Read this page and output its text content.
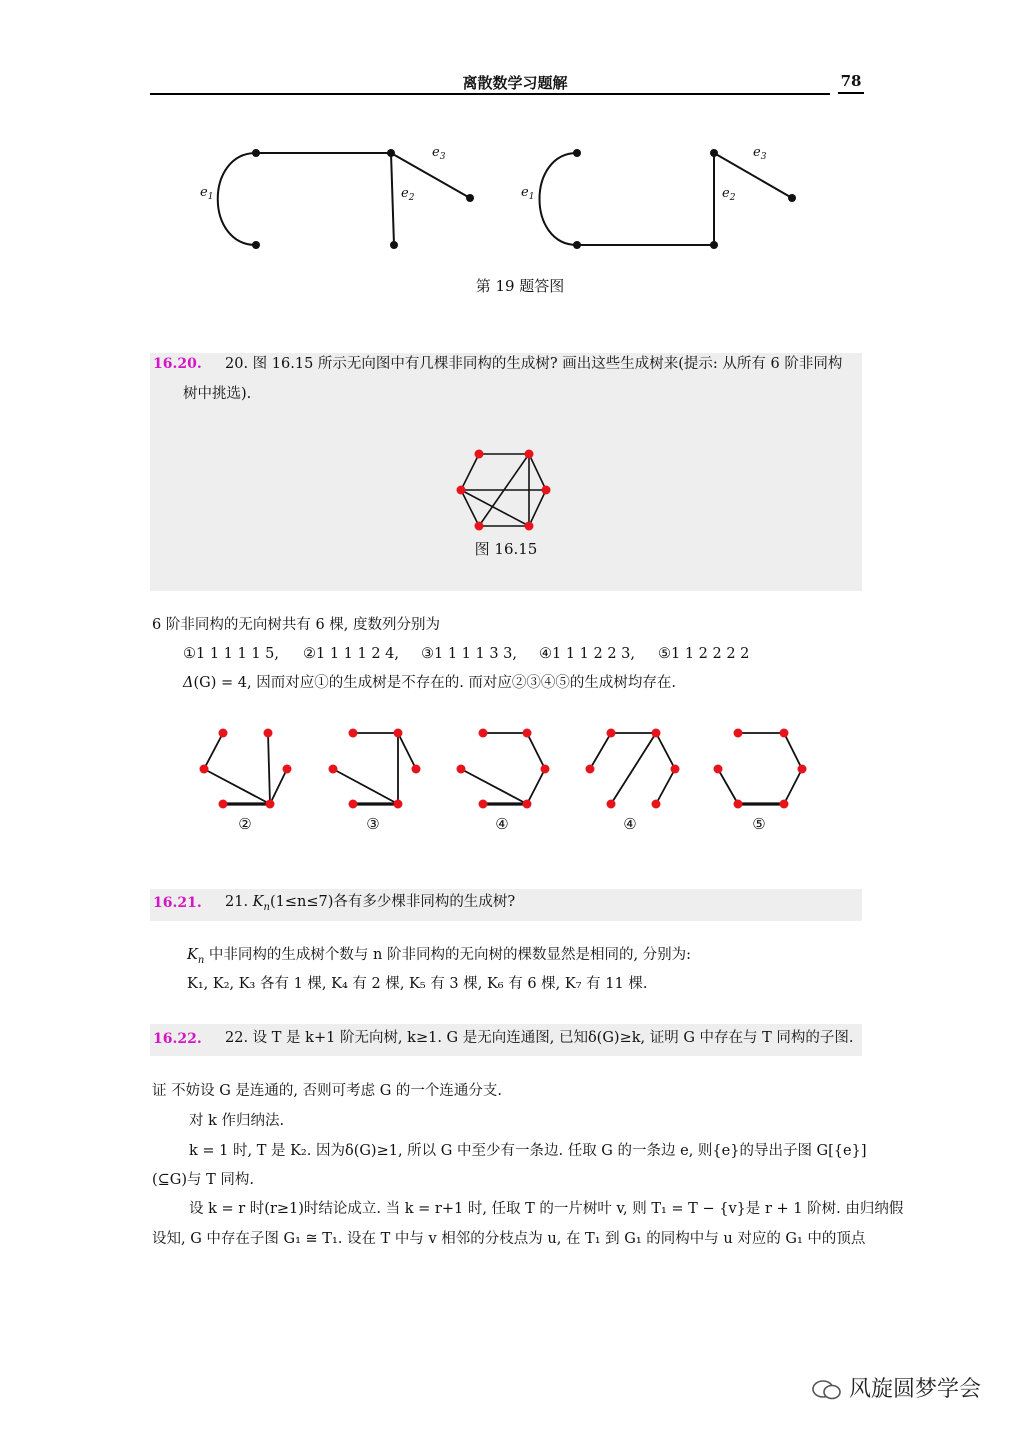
离散数学习题解	78
$e_1$	$e_2$
$e_3$
$e_1$	$e_2$
$e_3$
第 19 题答图
16.20. 20. 图 16.15 所示无向图中有几棵非同构的生成树? 画出这些生成树来(提示: 从所有 6 阶非同构
树中挑选).
图 16.15
6 阶非同构的无向树共有 6 棵, 度数列分别为
①1 1 1 1 1 5, ②1 1 1 1 2 4, ③1 1 1 1 3 3, ④1 1 1 2 2 3, ⑤1 1 2 2 2 2
Δ(G) = 4, 因而对应①的生成树是不存在的. 而对应②③④⑤的生成树均存在.
②	③	④	④	⑤
16.21. 21. $K_n(1\le n\le 7)$各有多少棵非同构的生成树?
$K_n$ 中非同构的生成树个数与 n 阶非同构的无向树的棵数显然是相同的, 分别为:
K₁, K₂, K₃ 各有 1 棵, K₄ 有 2 棵, K₅ 有 3 棵, K₆ 有 6 棵, K₇ 有 11 棵.
16.22. 22. 设 T 是 k+1 阶无向树, k≥1. G 是无向连通图, 已知δ(G)≥k, 证明 G 中存在与 T 同构的子图.
证 不妨设 G 是连通的, 否则可考虑 G 的一个连通分支.
对 k 作归纳法.
k = 1 时, T 是 K₂. 因为δ(G)≥1, 所以 G 中至少有一条边. 任取 G 的一条边 e, 则{e}的导出子图 G[{e}]
(⊆G)与 T 同构.
设 k = r 时(r≥1)时结论成立. 当 k = r+1 时, 任取 T 的一片树叶 v, 则 T₁ = T − {v}是 r + 1 阶树. 由归纳假
设知, G 中存在子图 G₁ ≅ T₁. 设在 T 中与 v 相邻的分枝点为 u, 在 T₁ 到 G₁ 的同构中与 u 对应的 G₁ 中的顶点
风旋圆梦学会
